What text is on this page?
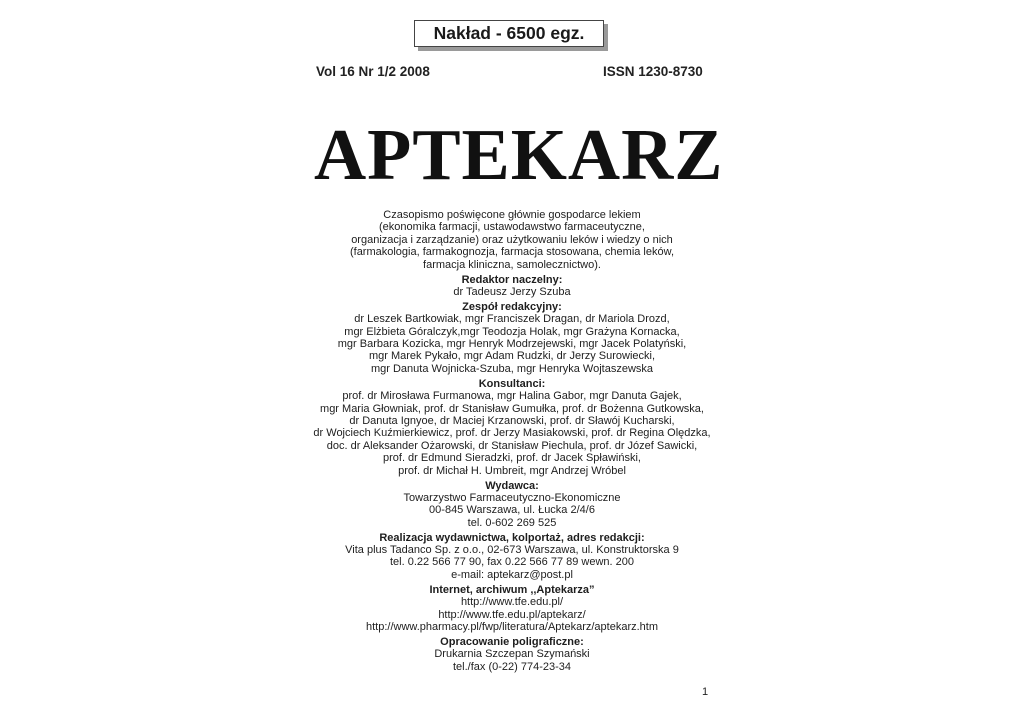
Nakład - 6500 egz.
Vol 16 Nr 1/2 2008	ISSN 1230-8730
APTEKARZ
Czasopismo poświęcone głównie gospodarce lekiem
(ekonomika farmacji, ustawodawstwo farmaceutyczne,
organizacja i zarządzanie) oraz użytkowaniu leków i wiedzy o nich
(farmakologia, farmakognozja, farmacja stosowana, chemia leków,
farmacja kliniczna, samolecznictwo).
Redaktor naczelny:
dr Tadeusz Jerzy Szuba
Zespół redakcyjny:
dr Leszek Bartkowiak, mgr Franciszek Dragan, dr Mariola Drozd,
mgr Elżbieta Góralczyk,mgr Teodozja Holak, mgr Grażyna Kornacka,
mgr Barbara Kozicka, mgr Henryk Modrzejewski, mgr Jacek Polatyński,
mgr Marek Pykało, mgr Adam Rudzki, dr Jerzy Surowiecki,
mgr Danuta Wojnicka-Szuba, mgr Henryka Wojtaszewska
Konsultanci:
prof. dr Mirosława Furmanowa, mgr Halina Gabor, mgr Danuta Gajek,
mgr Maria Głowniak, prof. dr Stanisław Gumułka, prof. dr Bożenna Gutkowska,
dr Danuta Ignyoe, dr Maciej Krzanowski, prof. dr Sławój Kucharski,
dr Wojciech Kuźmierkiewicz, prof. dr Jerzy Masiakowski, prof. dr Regina Olędzka,
doc. dr Aleksander Ożarowski, dr Stanisław Piechula, prof. dr Józef Sawicki,
prof. dr Edmund Sieradzki, prof. dr Jacek Spławiński,
prof. dr Michał H. Umbreit, mgr Andrzej Wróbel
Wydawca:
Towarzystwo Farmaceutyczno-Ekonomiczne
00-845 Warszawa, ul. Łucka 2/4/6
tel. 0-602 269 525
Realizacja wydawnictwa, kolportaż, adres redakcji:
Vita plus Tadanco Sp. z o.o., 02-673 Warszawa, ul. Konstruktorska 9
tel. 0.22 566 77 90, fax 0.22 566 77 89 wewn. 200
e-mail: aptekarz@post.pl
Internet, archiwum ,,Aptekarza”
http://www.tfe.edu.pl/
http://www.tfe.edu.pl/aptekarz/
http://www.pharmacy.pl/fwp/literatura/Aptekarz/aptekarz.htm
Opracowanie poligraficzne:
Drukarnia Szczepan Szymański
tel./fax (0-22) 774-23-34
1
